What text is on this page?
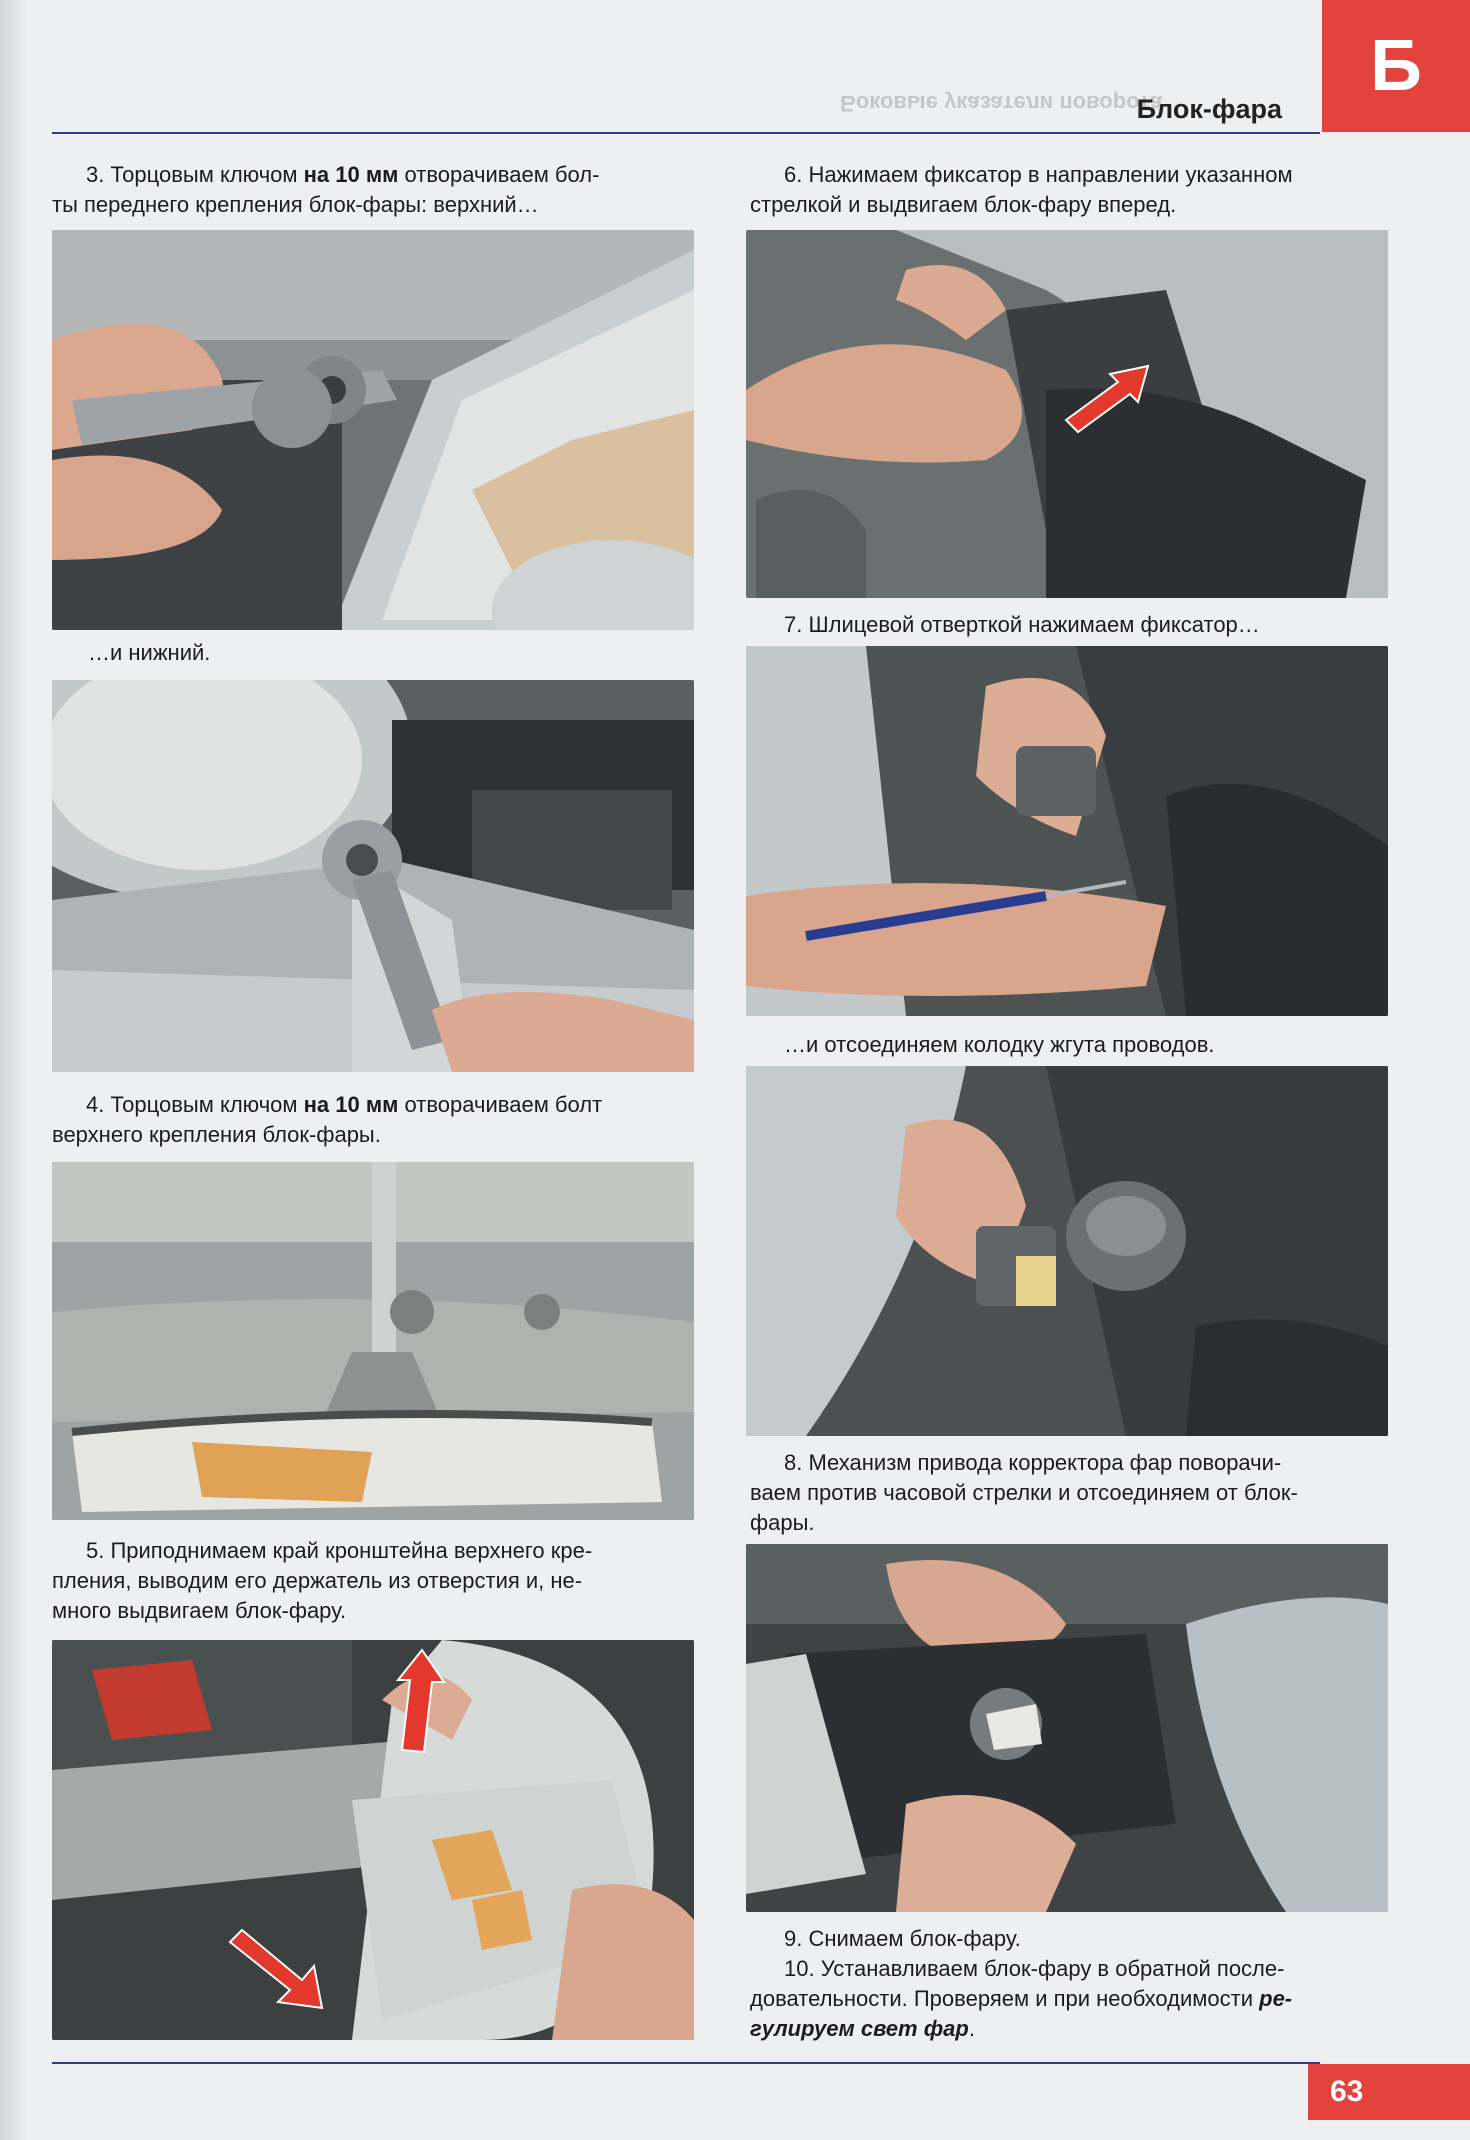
Боковые указатели поворота
Блок-фара
Б
3. Торцовым ключом на 10 мм отворачиваем бол-
ты переднего крепления блок-фары: верхний…
…и нижний.
4. Торцовым ключом на 10 мм отворачиваем болт
верхнего крепления блок-фары.
5. Приподнимаем край кронштейна верхнего кре-
пления, выводим его держатель из отверстия и, не-
много выдвигаем блок-фару.
6. Нажимаем фиксатор в направлении указанном
стрелкой и выдвигаем блок-фару вперед.
7. Шлицевой отверткой нажимаем фиксатор…
…и отсоединяем колодку жгута проводов.
8. Механизм привода корректора фар поворачи-
ваем против часовой стрелки и отсоединяем от блок-
фары.
9. Снимаем блок-фару.
10. Устанавливаем блок-фару в обратной после-
довательности. Проверяем и при необходимости ре-
гулируем свет фар.
63
